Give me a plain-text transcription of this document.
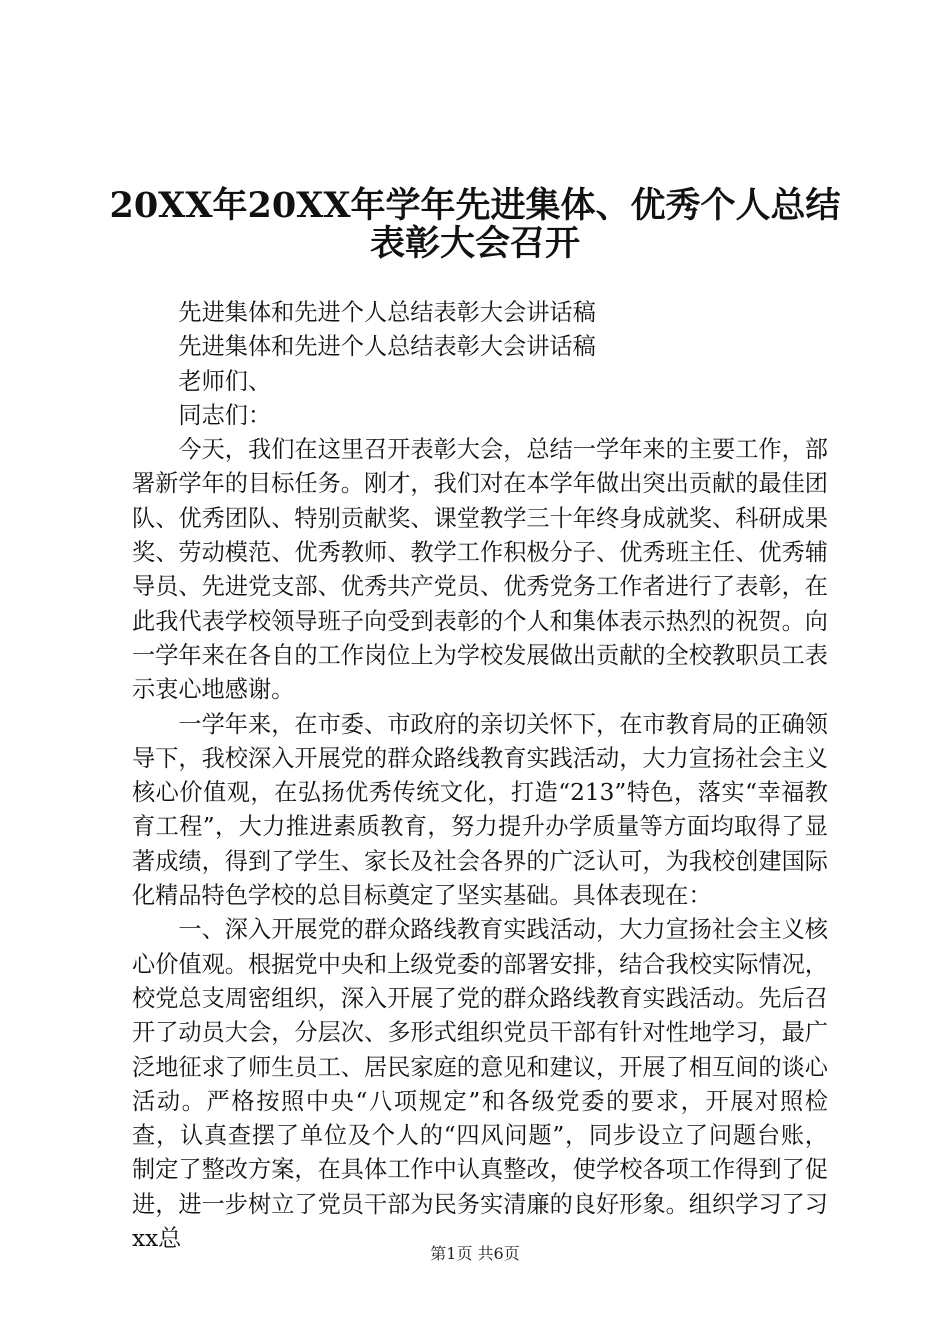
20XX年20XX年学年先进集体、优秀个人总结
表彰大会召开

先进集体和先进个人总结表彰大会讲话稿

先进集体和先进个人总结表彰大会讲话稿

老师们、

同志们：

今天，我们在这里召开表彰大会，总结一学年来的主要工作，部署新学年的目标任务。刚才，我们对在本学年做出突出贡献的最佳团队、优秀团队、特别贡献奖、课堂教学三十年终身成就奖、科研成果奖、劳动模范、优秀教师、教学工作积极分子、优秀班主任、优秀辅导员、先进党支部、优秀共产党员、优秀党务工作者进行了表彰，在此我代表学校领导班子向受到表彰的个人和集体表示热烈的祝贺。向一学年来在各自的工作岗位上为学校发展做出贡献的全校教职员工表示衷心地感谢。

一学年来，在市委、市政府的亲切关怀下，在市教育局的正确领导下，我校深入开展党的群众路线教育实践活动，大力宣扬社会主义核心价值观，在弘扬优秀传统文化，打造“213”特色，落实“幸福教育工程”，大力推进素质教育，努力提升办学质量等方面均取得了显著成绩，得到了学生、家长及社会各界的广泛认可，为我校创建国际化精品特色学校的总目标奠定了坚实基础。具体表现在：

一、深入开展党的群众路线教育实践活动，大力宣扬社会主义核心价值观。根据党中央和上级党委的部署安排，结合我校实际情况，校党总支周密组织，深入开展了党的群众路线教育实践活动。先后召开了动员大会，分层次、多形式组织党员干部有针对性地学习，最广泛地征求了师生员工、居民家庭的意见和建议，开展了相互间的谈心活动。严格按照中央“八项规定”和各级党委的要求，开展对照检查，认真查摆了单位及个人的“四风问题”，同步设立了问题台账，制定了整改方案，在具体工作中认真整改，使学校各项工作得到了促进，进一步树立了党员干部为民务实清廉的良好形象。组织学习了习xx总

第1页 共6页
